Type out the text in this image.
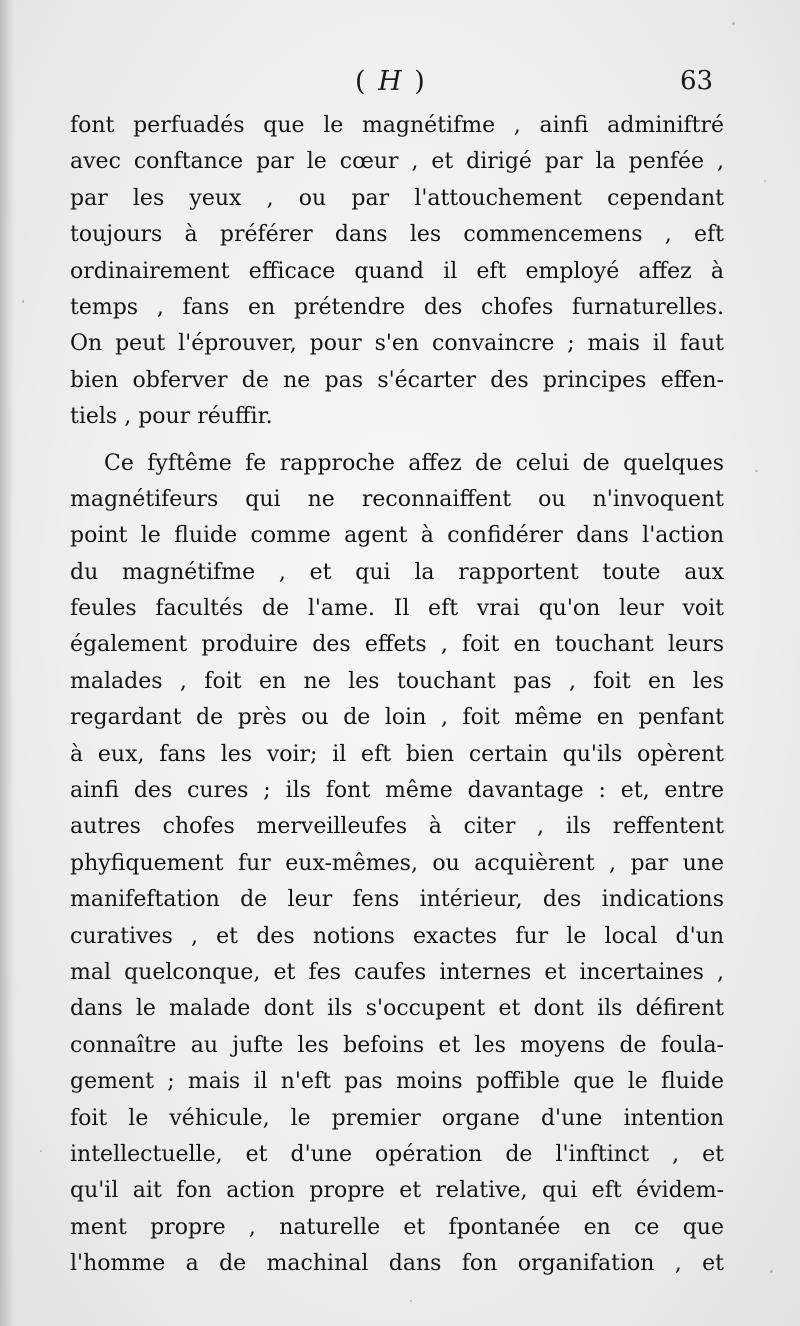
( H )	63
font perfuadés que le magnétifme , ainfi adminiftré
avec conftance par le cœur , et dirigé par la penfée ,
par les yeux , ou par l'attouchement cependant
toujours à préférer dans les commencemens , eft
ordinairement efficace quand il eft employé affez à
temps , fans en prétendre des chofes furnaturelles.
On peut l'éprouver, pour s'en convaincre ; mais il faut
bien obferver de ne pas s'écarter des principes effen-
tiels , pour réuffir.
Ce fyftême fe rapproche affez de celui de quelques
magnétifeurs qui ne reconnaiffent ou n'invoquent
point le fluide comme agent à confidérer dans l'action
du magnétifme , et qui la rapportent toute aux
feules facultés de l'ame. Il eft vrai qu'on leur voit
également produire des effets , foit en touchant leurs
malades , foit en ne les touchant pas , foit en les
regardant de près ou de loin , foit même en penfant
à eux, fans les voir; il eft bien certain qu'ils opèrent
ainfi des cures ; ils font même davantage : et, entre
autres chofes merveilleufes à citer , ils reffentent
phyfiquement fur eux-mêmes, ou acquièrent , par une
manifeftation de leur fens intérieur, des indications
curatives , et des notions exactes fur le local d'un
mal quelconque, et fes caufes internes et incertaines ,
dans le malade dont ils s'occupent et dont ils défirent
connaître au jufte les befoins et les moyens de foula-
gement ; mais il n'eft pas moins poffible que le fluide
foit le véhicule, le premier organe d'une intention
intellectuelle, et d'une opération de l'inftinct , et
qu'il ait fon action propre et relative, qui eft évidem-
ment propre , naturelle et fpontanée en ce que
l'homme a de machinal dans fon organifation , et
